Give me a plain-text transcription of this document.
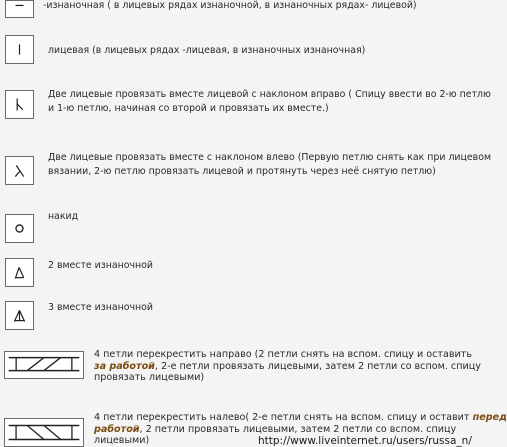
-изнаночная ( в лицевых рядах изнаночной, в изнаночных рядах- лицевой)
лицевая (в лицевых рядах -лицевая, в изнаночных изнаночная)
Две лицевые провязать вместе лицевой с наклоном вправо ( Спицу ввести во 2-ю петлю
и 1-ю петлю, начиная со второй и провязать их вместе.)
Две лицевые провязать вместе с наклоном влево (Первую петлю снять как при лицевом
вязании, 2-ю петлю провязать лицевой и протянуть через неё снятую петлю)
накид
2 вместе изнаночной
3 вместе изнаночной
4 петли перекрестить направо (2 петли снять на вспом. спицу и оставить
за работой, 2-е петли провязать лицевыми, затем 2 петли со вспом. спицу
провязать лицевыми)
4 петли перекрестить налево( 2-е петли снять на вспом. спицу и оставит перед
работой, 2 петли провязать лицевыми, затем 2 петли со вспом. спицу
лицевыми)	http://www.liveinternet.ru/users/russa_n/
